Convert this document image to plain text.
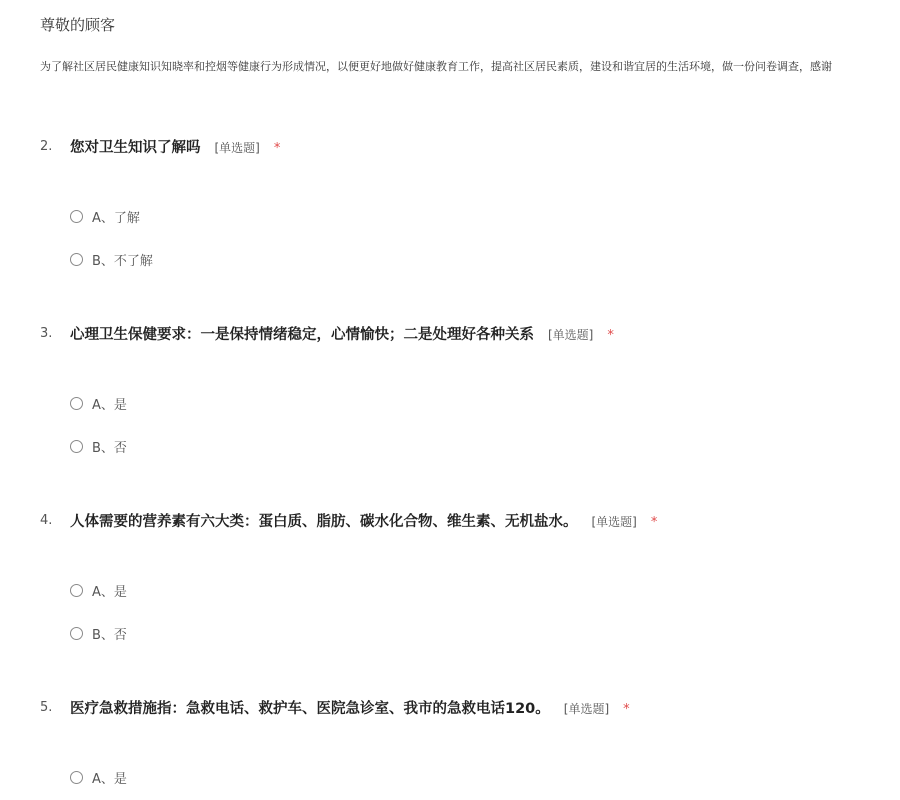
尊敬的顾客
为了解社区居民健康知识知晓率和控烟等健康行为形成情况，以便更好地做好健康教育工作，提高社区居民素质，建设和谐宜居的生活环境，做一份问卷调查，感谢
2. 您对卫生知识了解吗 [单选题] *
A、了解
B、不了解
3. 心理卫生保健要求：一是保持情绪稳定，心情愉快；二是处理好各种关系 [单选题] *
A、是
B、否
4. 人体需要的营养素有六大类：蛋白质、脂肪、碳水化合物、维生素、无机盐水。 [单选题] *
A、是
B、否
5. 医疗急救措施指：急救电话、救护车、医院急诊室、我市的急救电话120。 [单选题] *
A、是
